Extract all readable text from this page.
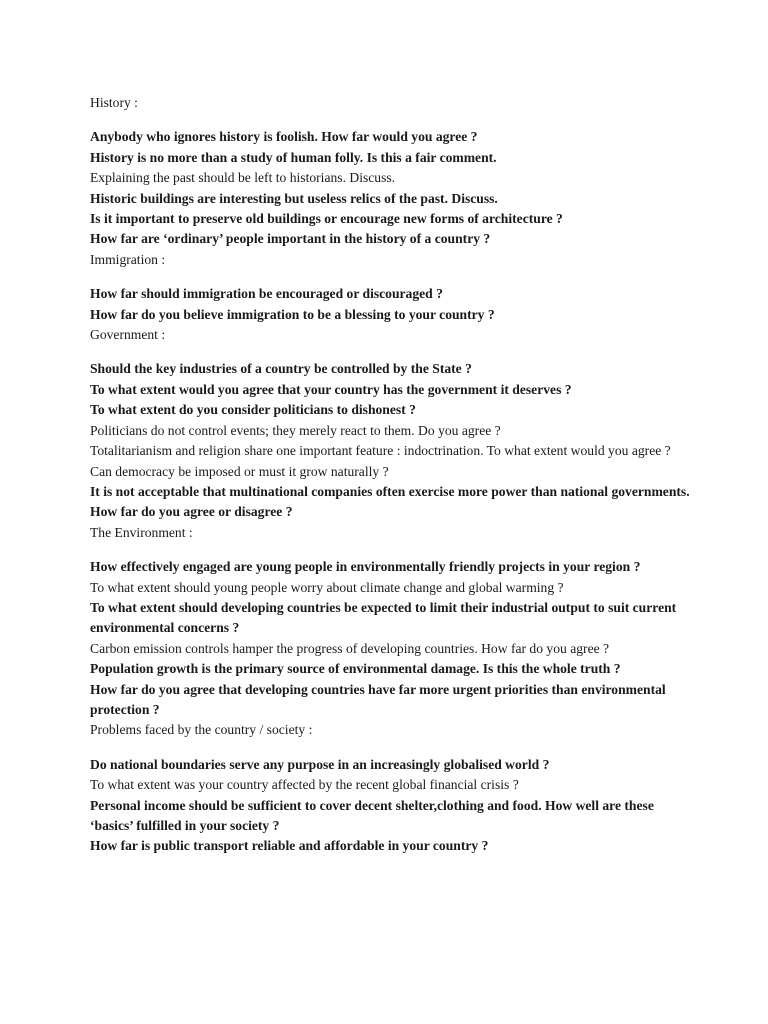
History :

Anybody who ignores history is foolish. How far would you agree ?

History is no more than a study of human folly. Is this a fair comment.

Explaining the past should be left to historians. Discuss.

Historic buildings are interesting but useless relics of the past. Discuss.

Is it important to preserve old buildings or encourage new forms of architecture ?

How far are ‘ordinary’ people important in the history of a country ?

Immigration :

How far should immigration be encouraged or discouraged ?

How far do you believe immigration to be a blessing to your country ?

Government :

Should the key industries of a country be controlled by the State ?

To what extent would you agree that your country has the government it deserves ?

To what extent do you consider politicians to dishonest ?

Politicians do not control events; they merely react to them. Do you agree ?

Totalitarianism and religion share one important feature : indoctrination. To what extent would you agree ?

Can democracy be imposed or must it grow naturally ?

It is not acceptable that multinational companies often exercise more power than national governments. How far do you agree or disagree ?

The Environment :

How effectively engaged are young people in environmentally friendly projects in your region ?

To what extent should young people worry about climate change and global warming ?

To what extent should developing countries be expected to limit their industrial output to suit current environmental concerns ?

Carbon emission controls hamper the progress of developing countries. How far do you agree ?

Population growth is the primary source of environmental damage. Is this the whole truth ?

How far do you agree that developing countries have far more urgent priorities than environmental protection ?

Problems faced by the country / society :

Do national boundaries serve any purpose in an increasingly globalised world ?

To what extent was your country affected by the recent global financial crisis ?

Personal income should be sufficient to cover decent shelter,clothing and food. How well are these ‘basics’ fulfilled in your society ?

How far is public transport reliable and affordable in your country ?
